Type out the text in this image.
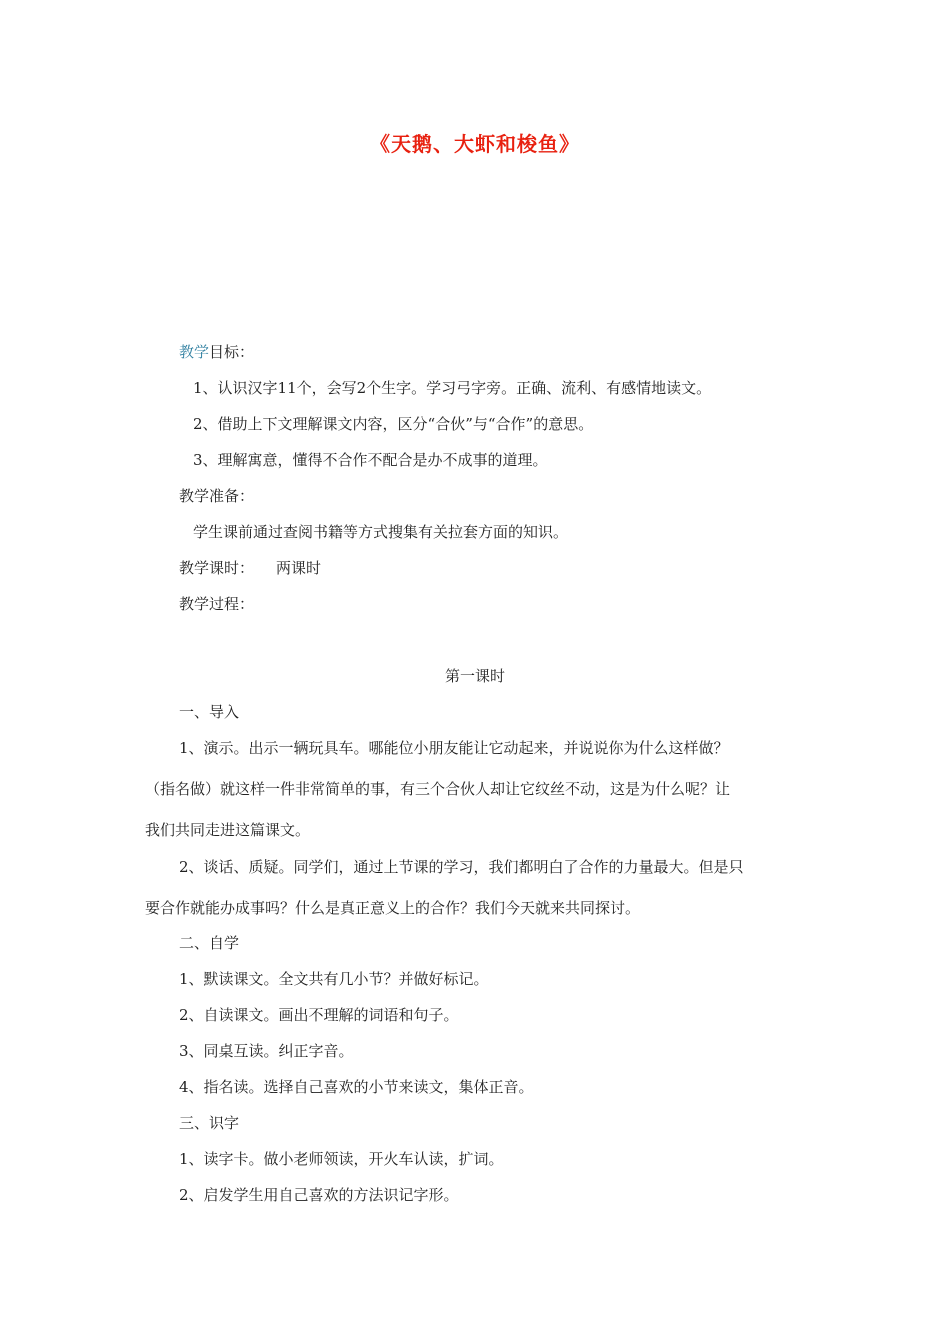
《天鹅、大虾和梭鱼》
教学目标：
1、认识汉字11个，会写2个生字。学习弓字旁。正确、流利、有感情地读文。
2、借助上下文理解课文内容，区分“合伙”与“合作”的意思。
3、理解寓意，懂得不合作不配合是办不成事的道理。
教学准备：
学生课前通过查阅书籍等方式搜集有关拉套方面的知识。
教学课时： 两课时
教学过程：
第一课时
一、导入
1、演示。出示一辆玩具车。哪能位小朋友能让它动起来，并说说你为什么这样做？
（指名做）就这样一件非常简单的事，有三个合伙人却让它纹丝不动，这是为什么呢？让
我们共同走进这篇课文。
2、谈话、质疑。同学们，通过上节课的学习，我们都明白了合作的力量最大。但是只
要合作就能办成事吗？什么是真正意义上的合作？我们今天就来共同探讨。
二、自学
1、默读课文。全文共有几小节？并做好标记。
2、自读课文。画出不理解的词语和句子。
3、同桌互读。纠正字音。
4、指名读。选择自己喜欢的小节来读文，集体正音。
三、识字
1、读字卡。做小老师领读，开火车认读，扩词。
2、启发学生用自己喜欢的方法识记字形。
